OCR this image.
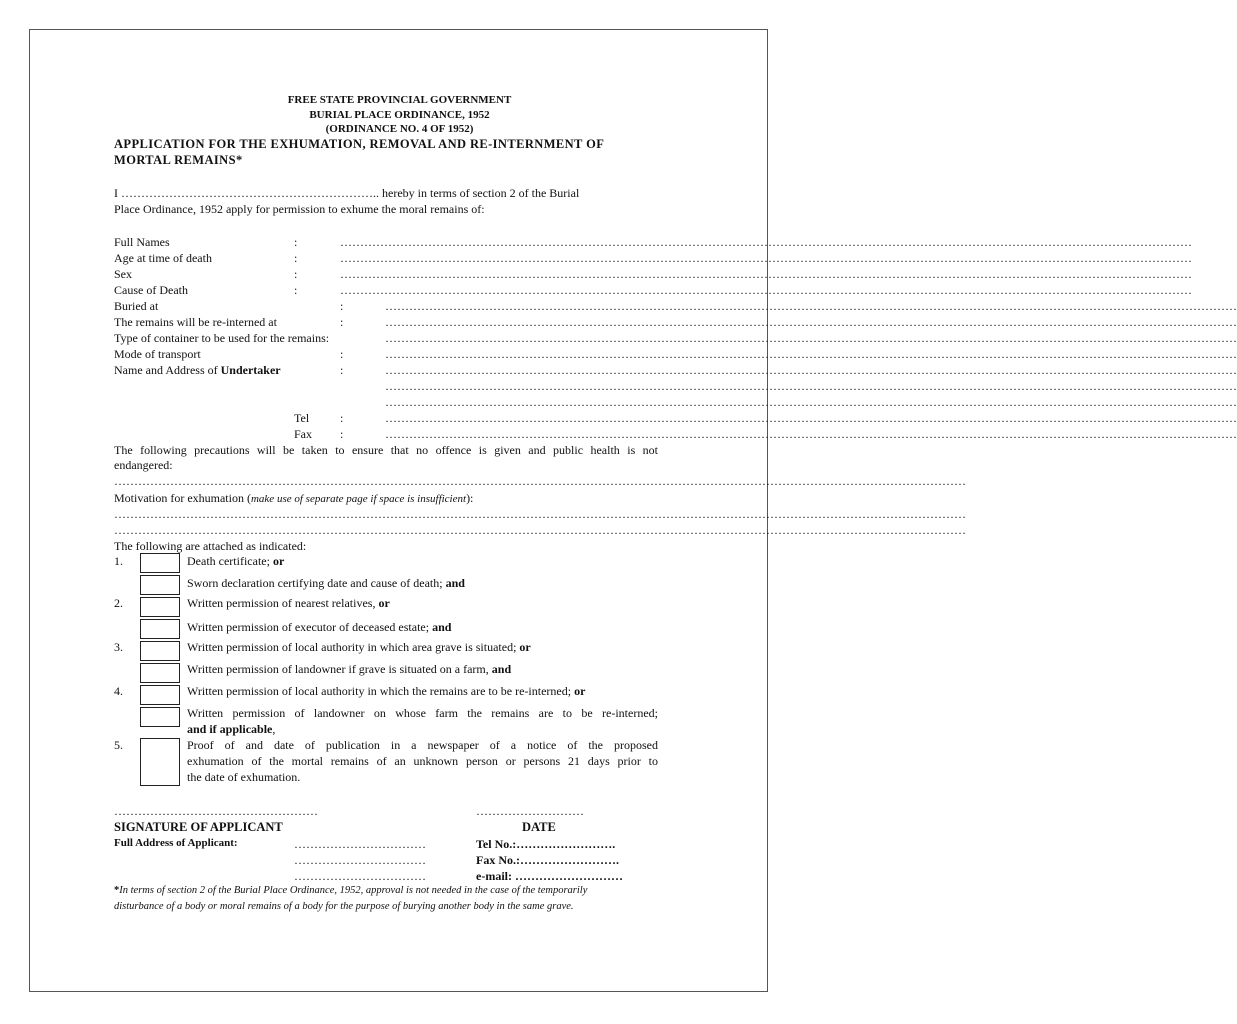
FREE STATE PROVINCIAL GOVERNMENT
BURIAL PLACE ORDINANCE, 1952
(ORDINANCE NO. 4 OF 1952)
APPLICATION FOR THE EXHUMATION, REMOVAL AND RE-INTERNMENT OF
MORTAL REMAINS*
I ……………………………………………………….. hereby in terms of section 2 of the Burial
Place Ordinance, 1952 apply for permission to exhume the moral remains of:
Full Names	:	……………………………………………………………………………………………………………………………………………………………………………………………
Age at time of death	:	……………………………………………………………………………………………………………………………………………………………………………………………
Sex	:	……………………………………………………………………………………………………………………………………………………………………………………………
Cause of Death	:	……………………………………………………………………………………………………………………………………………………………………………………………
Buried at	:	……………………………………………………………………………………………………………………………………………………………………………………………
The remains will be re-interned at	:	……………………………………………………………………………………………………………………………………………………………………………………………
Type of container to be used for the remains:	……………………………………………………………………………………………………………………………………………………………………………………………
Mode of transport	:	……………………………………………………………………………………………………………………………………………………………………………………………
Name and Address of Undertaker	:	……………………………………………………………………………………………………………………………………………………………………………………………
……………………………………………………………………………………………………………………………………………………………………………………………
……………………………………………………………………………………………………………………………………………………………………………………………
Tel	:	……………………………………………………………………………………………………………………………………………………………………………………………
Fax :	……………………………………………………………………………………………………………………………………………………………………………………………
The following precautions will be taken to ensure that no offence is given and public health is not
endangered:
……………………………………………………………………………………………………………………………………………………………………………………………
Motivation for exhumation (make use of separate page if space is insufficient):
……………………………………………………………………………………………………………………………………………………………………………………………
……………………………………………………………………………………………………………………………………………………………………………………………
The following are attached as indicated:
1.
2.
3.
4.
5.
Death certificate; or
Sworn declaration certifying date and cause of death; and
Written permission of nearest relatives, or
Written permission of executor of deceased estate; and
Written permission of local authority in which area grave is situated; or
Written permission of landowner if grave is situated on a farm, and
Written permission of local authority in which the remains are to be re-interned; or
Written permission of landowner on whose farm the remains are to be re-interned;
and if applicable,
Proof of and date of publication in a newspaper of a notice of the proposed
exhumation of the mortal remains of an unknown person or persons 21 days prior to
the date of exhumation.
……………………………………………	………………………
SIGNATURE OF APPLICANT	DATE
Full Address of Applicant:	……………………………
……………………………
……………………………
Tel No.:…………………….
Fax No.:…………………….
e-mail: ………………………
*In terms of section 2 of the Burial Place Ordinance, 1952, approval is not needed in the case of the temporarily
disturbance of a body or moral remains of a body for the purpose of burying another body in the same grave.
